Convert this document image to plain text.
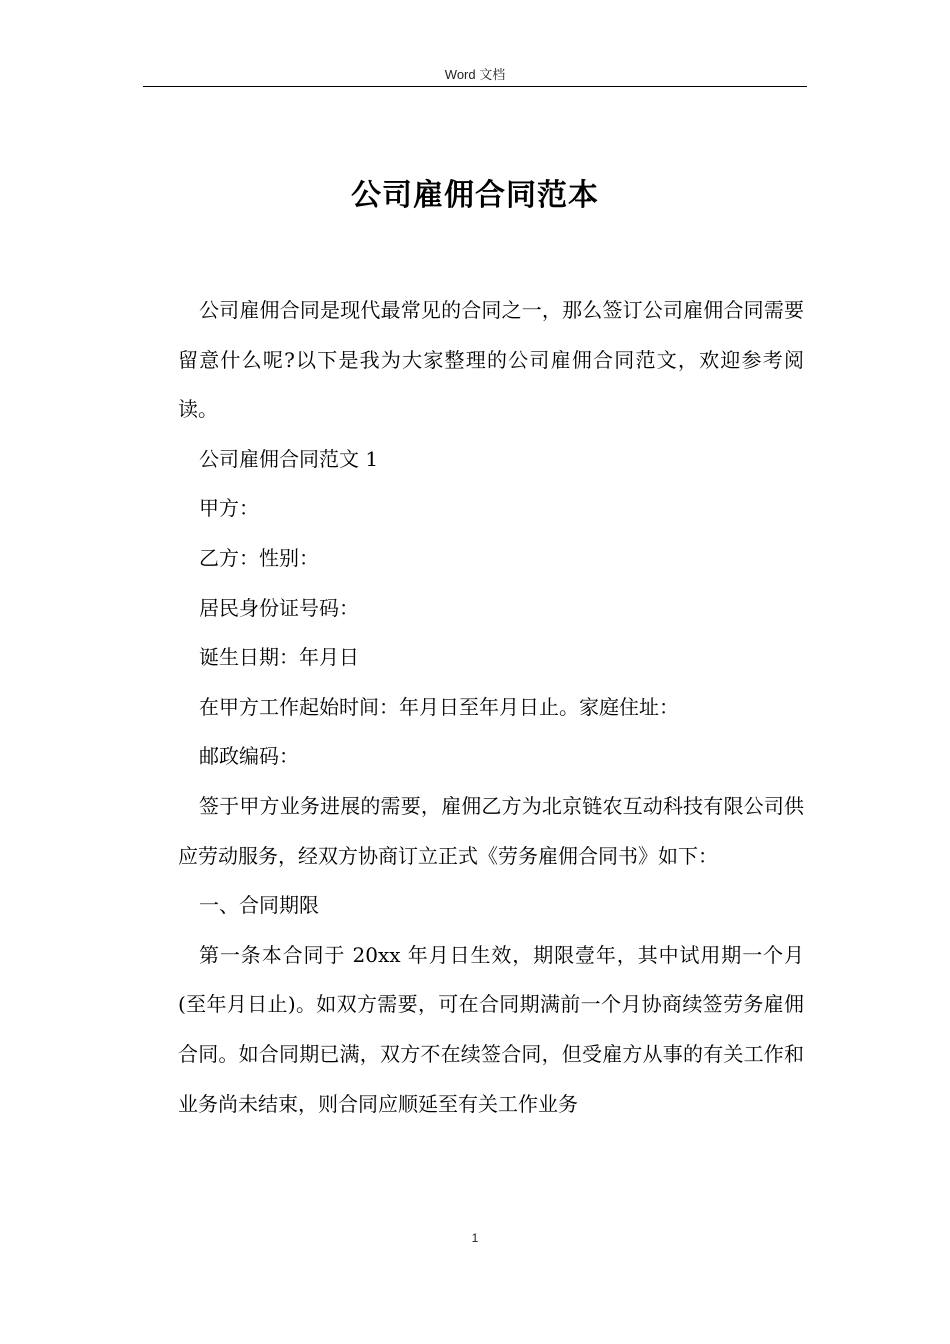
Word 文档
公司雇佣合同范本

公司雇佣合同是现代最常见的合同之一，那么签订公司雇佣合同需要留意什么呢?以下是我为大家整理的公司雇佣合同范文，欢迎参考阅读。

公司雇佣合同范文 1

甲方：

乙方：性别：

居民身份证号码：

诞生日期：年月日

在甲方工作起始时间：年月日至年月日止。家庭住址：

邮政编码：

签于甲方业务进展的需要，雇佣乙方为北京链农互动科技有限公司供应劳动服务，经双方协商订立正式《劳务雇佣合同书》如下：

一、合同期限

第一条本合同于 20xx 年月日生效，期限壹年，其中试用期一个月(至年月日止)。如双方需要，可在合同期满前一个月协商续签劳务雇佣合同。如合同期已满，双方不在续签合同，但受雇方从事的有关工作和业务尚未结束，则合同应顺延至有关工作业务

1
